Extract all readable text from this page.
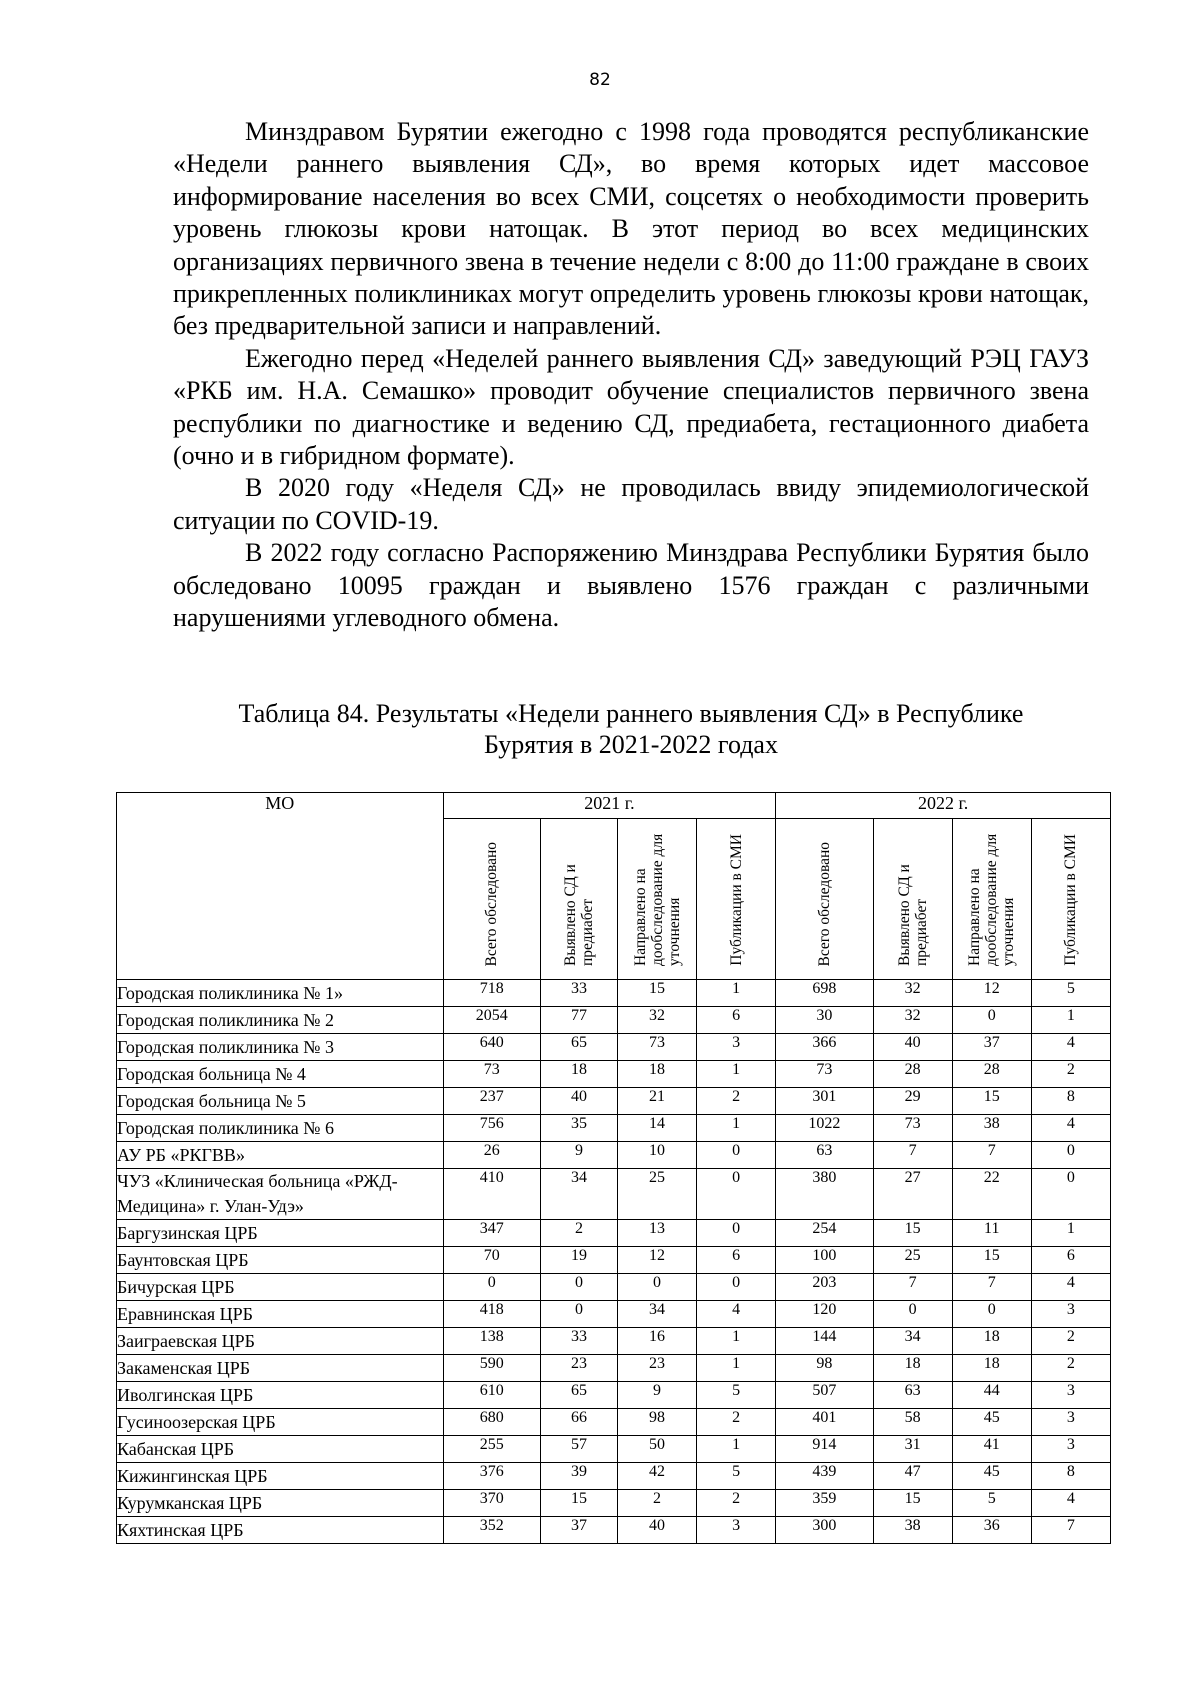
82

Минздравом Бурятии ежегодно с 1998 года проводятся республиканские «Недели раннего выявления СД», во время которых идет массовое информирование населения во всех СМИ, соцсетях о необходимости проверить уровень глюкозы крови натощак. В этот период во всех медицинских организациях первичного звена в течение недели с 8:00 до 11:00 граждане в своих прикрепленных поликлиниках могут определить уровень глюкозы крови натощак, без предварительной записи и направлений.

Ежегодно перед «Неделей раннего выявления СД» заведующий РЭЦ ГАУЗ «РКБ им. Н.А. Семашко» проводит обучение специалистов первичного звена республики по диагностике и ведению СД, предиабета, гестационного диабета (очно и в гибридном формате).

В 2020 году «Неделя СД» не проводилась ввиду эпидемиологической ситуации по COVID-19.

В 2022 году согласно Распоряжению Минздрава Республики Бурятия было обследовано 10095 граждан и выявлено 1576 граждан с различными нарушениями углеводного обмена.

Таблица 84. Результаты «Недели раннего выявления СД» в Республике
Бурятия в 2021-2022 годах
МО	2021 г.				2022 г.			
	Всего обследовано	Выявлено СД и предиабет	Направлено на дообследование для уточнения	Публикации в СМИ	Всего обследовано	Выявлено СД и предиабет	Направлено на дообследование для уточнения	Публикации в СМИ
Городская поликлиника № 1»	718	33	15	1	698	32	12	5
Городская поликлиника № 2	2054	77	32	6	30	32	0	1
Городская поликлиника № 3	640	65	73	3	366	40	37	4
Городская больница № 4	73	18	18	1	73	28	28	2
Городская больница № 5	237	40	21	2	301	29	15	8
Городская поликлиника № 6	756	35	14	1	1022	73	38	4
АУ РБ «РКГВВ»	26	9	10	0	63	7	7	0
ЧУЗ «Клиническая больница «РЖД-Медицина» г. Улан-Удэ»	410	34	25	0	380	27	22	0
Баргузинская ЦРБ	347	2	13	0	254	15	11	1
Баунтовская ЦРБ	70	19	12	6	100	25	15	6
Бичурская ЦРБ	0	0	0	0	203	7	7	4
Еравнинская ЦРБ	418	0	34	4	120	0	0	3
Заиграевская ЦРБ	138	33	16	1	144	34	18	2
Закаменская ЦРБ	590	23	23	1	98	18	18	2
Иволгинская ЦРБ	610	65	9	5	507	63	44	3
Гусиноозерская ЦРБ	680	66	98	2	401	58	45	3
Кабанская ЦРБ	255	57	50	1	914	31	41	3
Кижингинская ЦРБ	376	39	42	5	439	47	45	8
Курумканская ЦРБ	370	15	2	2	359	15	5	4
Кяхтинская ЦРБ	352	37	40	3	300	38	36	7
